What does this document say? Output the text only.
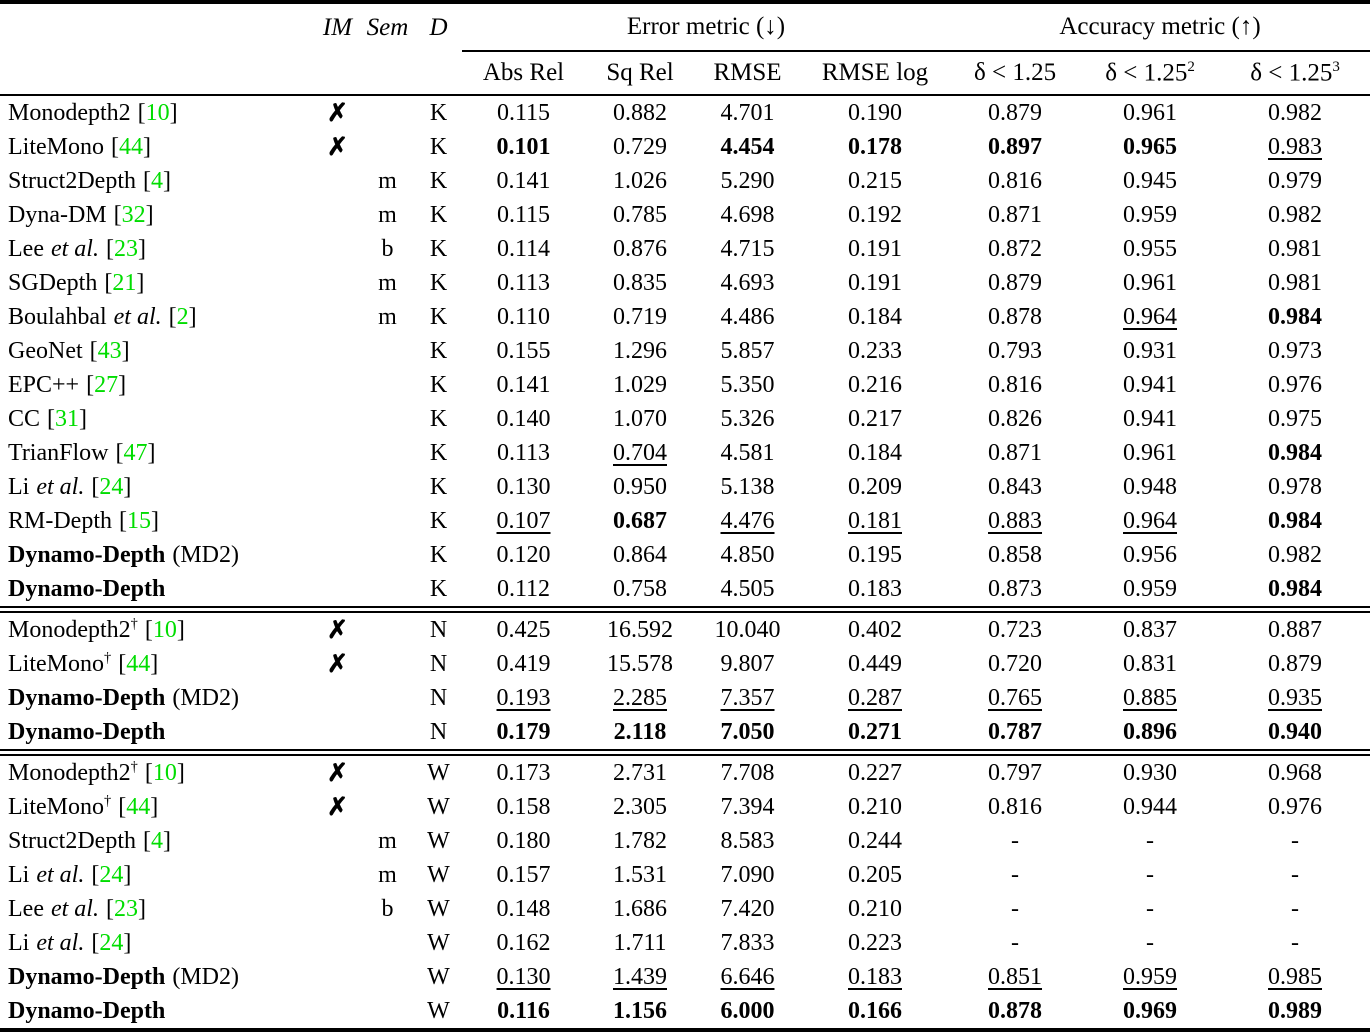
	IM	Sem	D	Error metric (↓)				Accuracy metric (↑)		
				Abs Rel	Sq Rel	RMSE	RMSE log	δ < 1.25	$\delta < 1.25^2$	$\delta < 1.25^3$
Monodepth2 [10]	✗		K	0.115	0.882	4.701	0.190	0.879	0.961	0.982
LiteMono [44]	✗		K	0.101	0.729	4.454	0.178	0.897	0.965	0.983
Struct2Depth [4]		m	K	0.141	1.026	5.290	0.215	0.816	0.945	0.979
Dyna-DM [32]		m	K	0.115	0.785	4.698	0.192	0.871	0.959	0.982
Lee et al. [23]		b	K	0.114	0.876	4.715	0.191	0.872	0.955	0.981
SGDepth [21]		m	K	0.113	0.835	4.693	0.191	0.879	0.961	0.981
Boulahbal et al. [2]		m	K	0.110	0.719	4.486	0.184	0.878	0.964	0.984
GeoNet [43]			K	0.155	1.296	5.857	0.233	0.793	0.931	0.973
EPC++ [27]			K	0.141	1.029	5.350	0.216	0.816	0.941	0.976
CC [31]			K	0.140	1.070	5.326	0.217	0.826	0.941	0.975
TrianFlow [47]			K	0.113	0.704	4.581	0.184	0.871	0.961	0.984
Li et al. [24]			K	0.130	0.950	5.138	0.209	0.843	0.948	0.978
RM-Depth [15]			K	0.107	0.687	4.476	0.181	0.883	0.964	0.984
Dynamo-Depth (MD2)			K	0.120	0.864	4.850	0.195	0.858	0.956	0.982
Dynamo-Depth			K	0.112	0.758	4.505	0.183	0.873	0.959	0.984

Monodepth2† [10]	✗		N	0.425	16.592	10.040	0.402	0.723	0.837	0.887
LiteMono† [44]	✗		N	0.419	15.578	9.807	0.449	0.720	0.831	0.879
Dynamo-Depth (MD2)			N	0.193	2.285	7.357	0.287	0.765	0.885	0.935
Dynamo-Depth			N	0.179	2.118	7.050	0.271	0.787	0.896	0.940

Monodepth2† [10]	✗		W	0.173	2.731	7.708	0.227	0.797	0.930	0.968
LiteMono† [44]	✗		W	0.158	2.305	7.394	0.210	0.816	0.944	0.976
Struct2Depth [4]		m	W	0.180	1.782	8.583	0.244	-	-	-
Li et al. [24]		m	W	0.157	1.531	7.090	0.205	-	-	-
Lee et al. [23]		b	W	0.148	1.686	7.420	0.210	-	-	-
Li et al. [24]			W	0.162	1.711	7.833	0.223	-	-	-
Dynamo-Depth (MD2)			W	0.130	1.439	6.646	0.183	0.851	0.959	0.985
Dynamo-Depth			W	0.116	1.156	6.000	0.166	0.878	0.969	0.989
